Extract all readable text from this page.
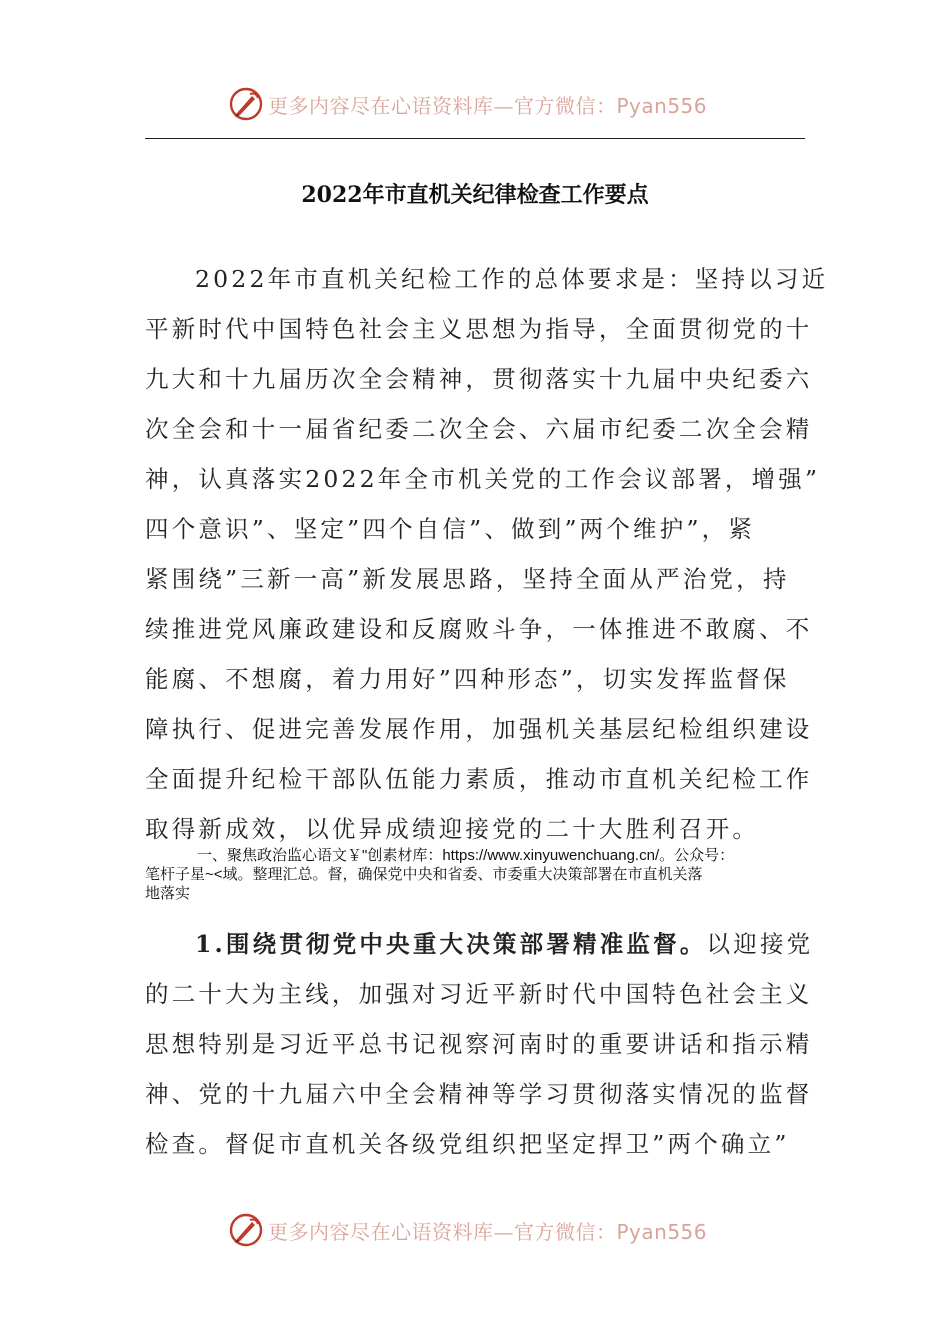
更多内容尽在心语资料库—官方微信：Pyan556
2022年市直机关纪律检查工作要点
2022年市直机关纪检工作的总体要求是：坚持以习近
平新时代中国特色社会主义思想为指导，全面贯彻党的十
九大和十九届历次全会精神，贯彻落实十九届中央纪委六
次全会和十一届省纪委二次全会、六届市纪委二次全会精
神，认真落实2022年全市机关党的工作会议部署，增强”
四个意识”、坚定”四个自信”、做到”两个维护”，紧
紧围绕”三新一高”新发展思路，坚持全面从严治党，持
续推进党风廉政建设和反腐败斗争，一体推进不敢腐、不
能腐、不想腐，着力用好”四种形态”，切实发挥监督保
障执行、促进完善发展作用，加强机关基层纪检组织建设
全面提升纪检干部队伍能力素质，推动市直机关纪检工作
取得新成效，以优异成绩迎接党的二十大胜利召开。
一、聚焦政治监心语文￥"创素材库：https://www.xinyuwenchuang.cn/。公众号：
笔杆子星~<域。整理汇总。督，确保党中央和省委、市委重大决策部署在市直机关落
地落实
1.围绕贯彻党中央重大决策部署精准监督。以迎接党
的二十大为主线，加强对习近平新时代中国特色社会主义
思想特别是习近平总书记视察河南时的重要讲话和指示精
神、党的十九届六中全会精神等学习贯彻落实情况的监督
检查。督促市直机关各级党组织把坚定捍卫”两个确立”
更多内容尽在心语资料库—官方微信：Pyan556
